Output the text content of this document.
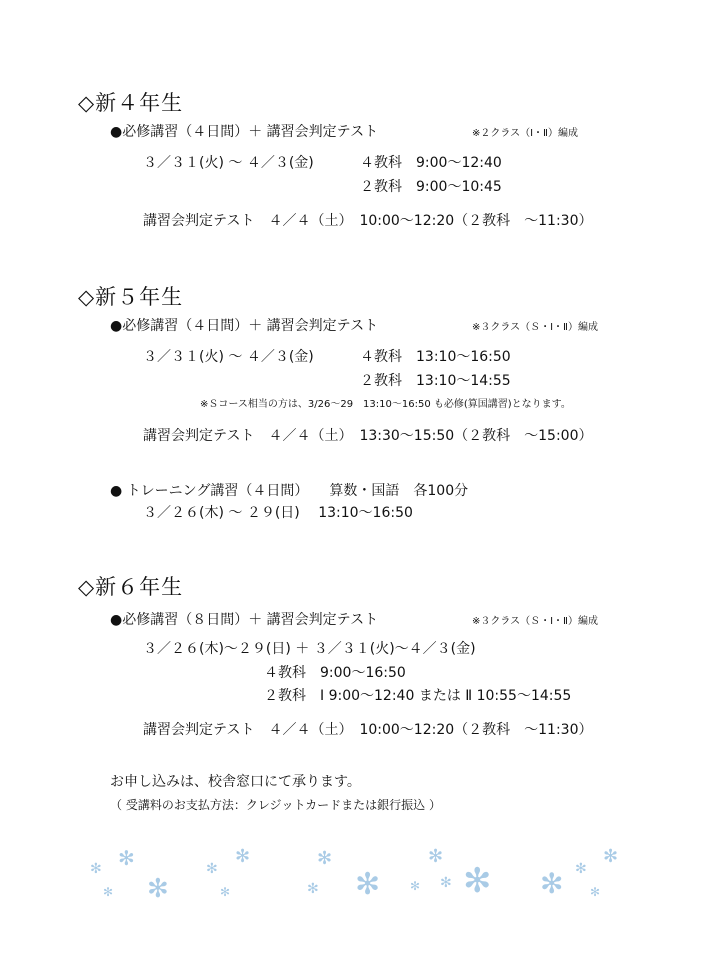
◇新４年生
●必修講習（４日間）＋ 講習会判定テスト	※２クラス（Ⅰ・Ⅱ）編成
３／３１(火) ～ ４／３(金)	４教科　9:00～12:40
２教科　9:00～10:45
講習会判定テスト　４／４（土）　10:00～12:20（２教科　～11:30）
◇新５年生
●必修講習（４日間）＋ 講習会判定テスト	※３クラス（Ｓ・Ⅰ・Ⅱ）編成
３／３１(火) ～ ４／３(金)	４教科　13:10～16:50
２教科　13:10～14:55
※Ｓコース相当の方は、3/26～29　13:10～16:50 も必修(算国講習)となります。
講習会判定テスト　４／４（土）　13:30～15:50（２教科　～15:00）
● トレーニング講習（４日間）　　算数・国語　各100分
３／２６(木) ～ ２９(日)　 13:10～16:50
◇新６年生
●必修講習（８日間）＋ 講習会判定テスト	※３クラス（Ｓ・Ⅰ・Ⅱ）編成
３／２６(木)～２９(日) ＋ ３／３１(火)～４／３(金)
４教科　9:00～16:50
２教科　Ⅰ 9:00～12:40 または Ⅱ 10:55～14:55
講習会判定テスト　４／４（土）　10:00～12:20（２教科　～11:30）
お申し込みは、校舎窓口にて承ります。
（ 受講料のお支払方法：クレジットカードまたは銀行振込 ）
✻ ✻
✻ ✻
✻
✻
✻
✻
✻ ✻
✻
✻ ✻ ✻ ✻ ✻
✻
✻
